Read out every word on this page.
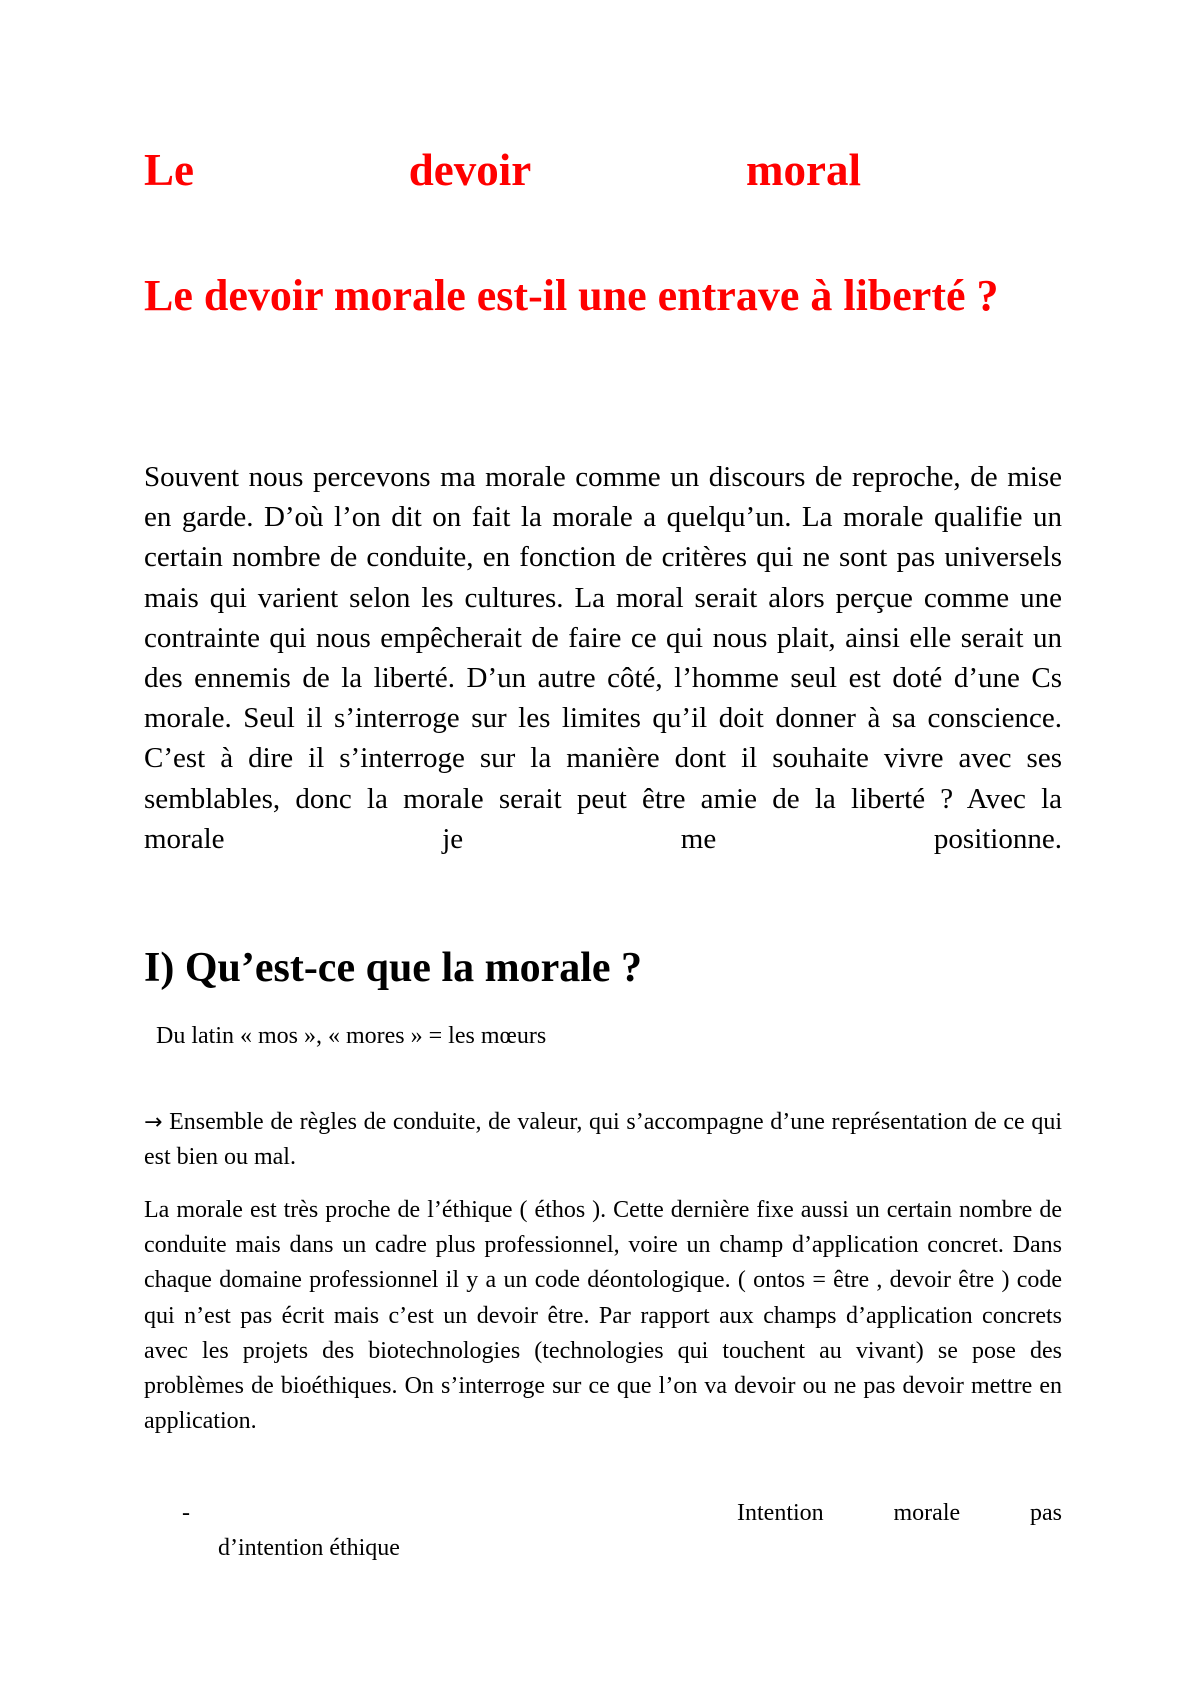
Le	devoir	moral
Le devoir morale est-il une entrave à liberté ?
Souvent nous percevons ma morale comme un discours de reproche, de mise en garde. D’où l’on dit on fait la morale a quelqu’un. La morale qualifie un certain nombre de conduite, en fonction de critères qui ne sont pas universels mais qui varient selon les cultures. La moral serait alors perçue comme une contrainte qui nous empêcherait de faire ce qui nous plait, ainsi elle serait un des ennemis de la liberté. D’un autre côté, l’homme seul est doté d’une Cs morale. Seul il s’interroge sur les limites qu’il doit donner à sa conscience. C’est à dire il s’interroge sur la manière dont il souhaite vivre avec ses semblables, donc la morale serait peut être amie de la liberté ? Avec la
morale	je	me	positionne.
I) Qu’est-ce que la morale ?
Du latin « mos », « mores » = les mœurs
→ Ensemble de règles de conduite, de valeur, qui s’accompagne d’une représentation de ce qui est bien ou mal.
La morale est très proche de l’éthique ( éthos ). Cette dernière fixe aussi un certain nombre de conduite mais dans un cadre plus professionnel, voire un champ d’application concret. Dans chaque domaine professionnel il y a un code déontologique. ( ontos = être , devoir être ) code qui n’est pas écrit mais c’est un devoir être. Par rapport aux champs d’application concrets avec les projets des biotechnologies (technologies qui touchent au vivant) se pose des problèmes de bioéthiques. On s’interroge sur ce que l’on va devoir ou ne pas devoir mettre en application.
-	Intention	morale	pas
d’intention éthique
